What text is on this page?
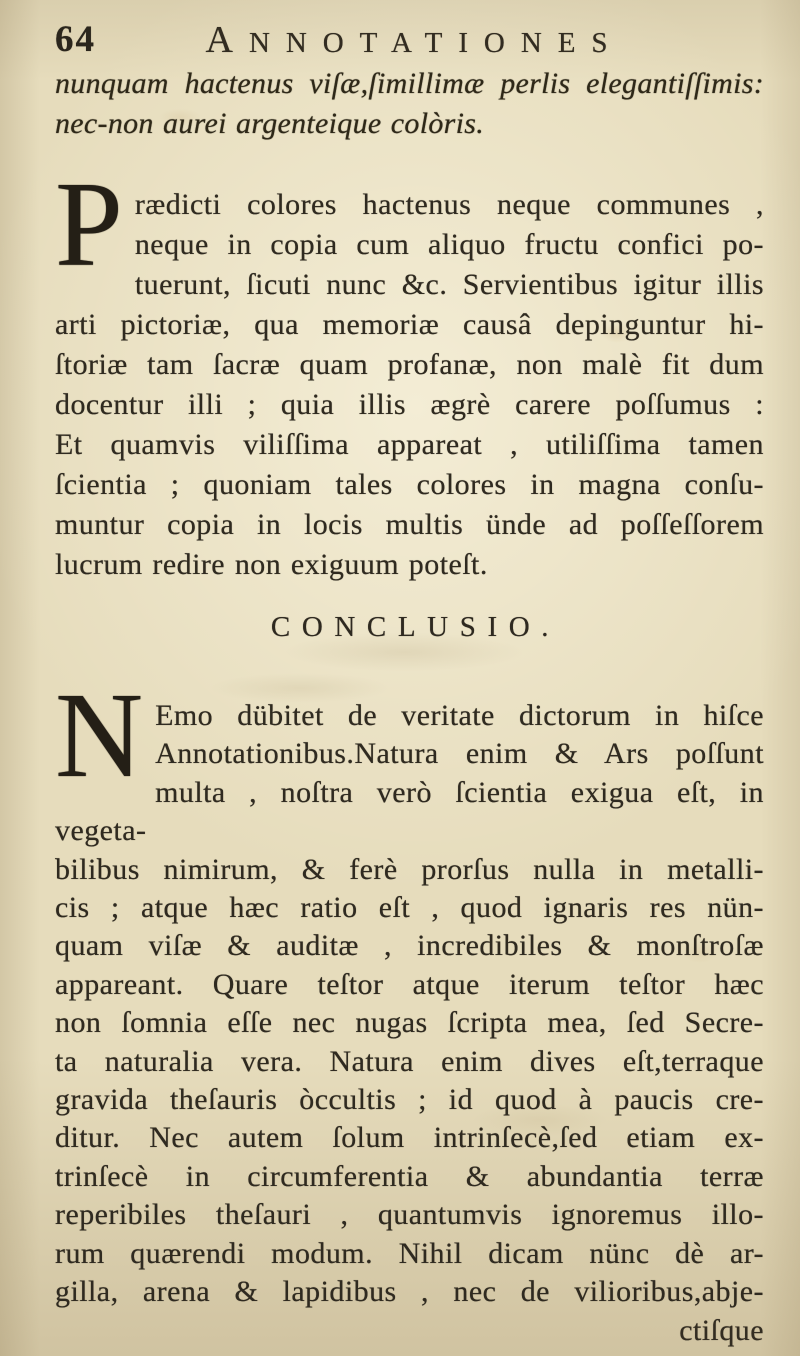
64	ANNOTATIONES
nunquam hactenus viſæ,ſimillimæ perlis elegantiſſimis:
nec-non aurei argenteique colòris.
P rædicti colores hactenus neque communes ,
neque in copia cum aliquo fructu confici po-
tuerunt, ſicuti nunc &c. Servientibus igitur illis
arti pictoriæ, qua memoriæ causâ depinguntur hi-
ſtoriæ tam ſacræ quam profanæ, non malè fit dum
docentur illi ; quia illis ægrè carere poſſumus :
Et quamvis viliſſima appareat , utiliſſima tamen
ſcientia ; quoniam tales colores in magna conſu-
muntur copia in locis multis ünde ad poſſeſſorem
lucrum redire non exiguum poteſt.
CONCLUSIO.
N Emo dübitet de veritate dictorum in hiſce
Annotationibus.Natura enim & Ars poſſunt
multa , noſtra verò ſcientia exigua eſt, in vegeta-
bilibus nimirum, & ferè prorſus nulla in metalli-
cis ; atque hæc ratio eſt , quod ignaris res nün-
quam viſæ & auditæ , incredibiles & monſtroſæ
appareant. Quare teſtor atque iterum teſtor hæc
non ſomnia eſſe nec nugas ſcripta mea, ſed Secre-
ta naturalia vera. Natura enim dives eſt,terraque
gravida theſauris òccultis ; id quod à paucis cre-
ditur. Nec autem ſolum intrinſecè,ſed etiam ex-
trinſecè in circumferentia & abundantia terræ
reperibiles theſauri , quantumvis ignoremus illo-
rum quærendi modum. Nihil dicam nünc dè ar-
gilla, arena & lapidibus , nec de vilioribus,abje-
ctiſque
